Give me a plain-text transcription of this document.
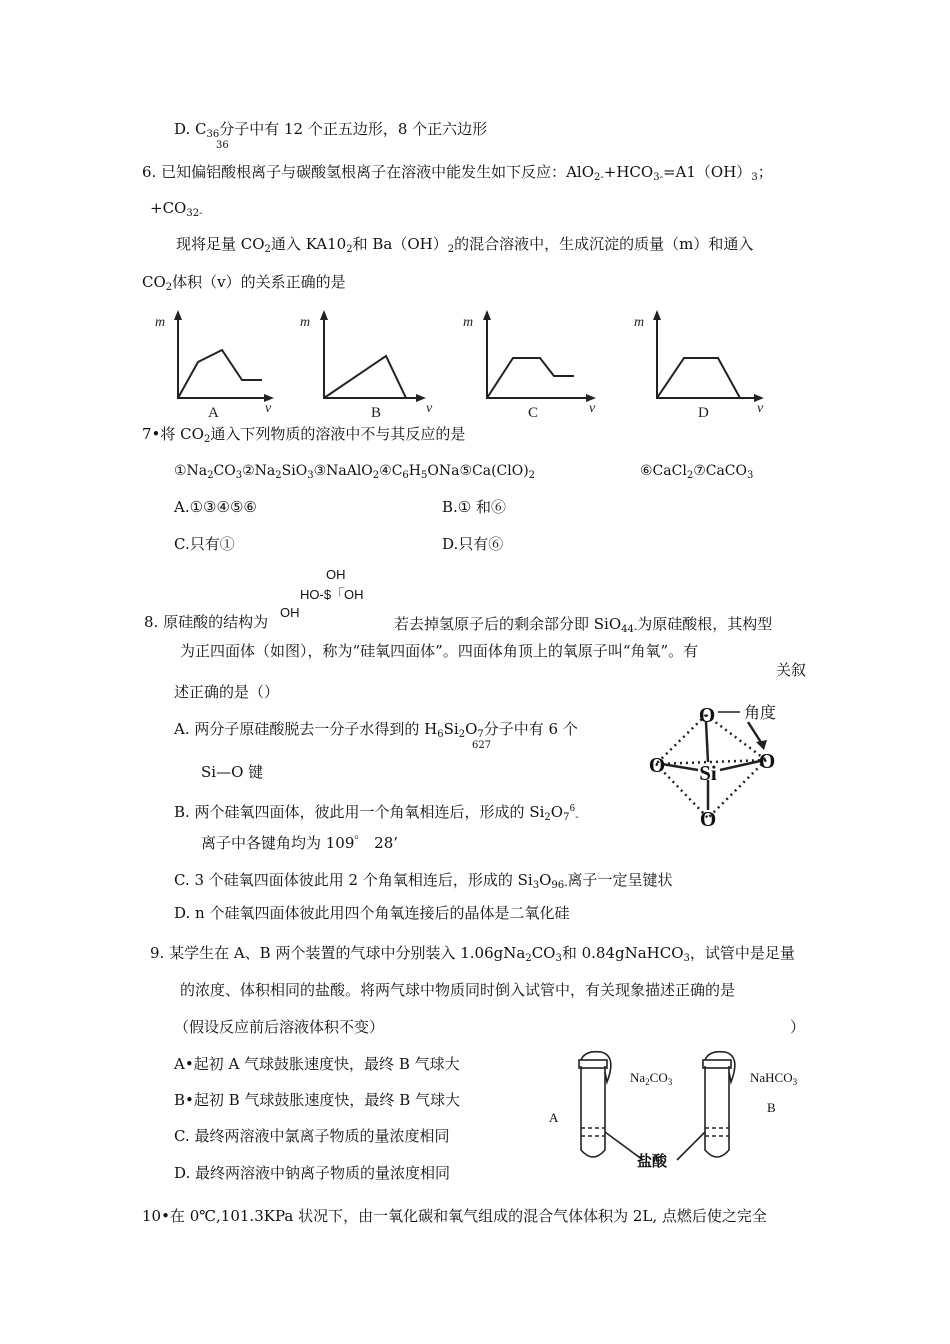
D. $C_{36}$分子中有 12 个正五边形，8 个正六边形
36
6. 已知偏铝酸根离子与碳酸氢根离子在溶液中能发生如下反应：$AlO_{2-}+HCO_{3-}=A1(OH)_3$；
$+CO_{32-}$
现将足量 $CO_2$通入 $KA10_2$和 $Ba(OH)_2$的混合溶液中，生成沉淀的质量（m）和通入
$CO_2$体积（v）的关系正确的是
m	m	m	m
v	v	v	v
A	B	C	D
7•将 $CO_2$通入下列物质的溶液中不与其反应的是
$①Na_2CO_3②Na_2SiO_3③NaAlO_2④C_6H_5ONa⑤Ca(ClO)_2$	⑥CaCl$_2$⑦CaCO$_3$
A.①③④⑤⑥	B.① 和⑥
C.只有①	D.只有⑥
OH
HO-$「OH
OH
8. 原硅酸的结构为	若去掉氢原子后的剩余部分即 SiO$_{44-}$为原硅酸根，其构型
为正四面体（如图），称为“硅氧四面体”。四面体角顶上的氧原子叫“角氧”。有
关叙
述正确的是（）
A. 两分子原硅酸脱去一分子水得到的 $H_6Si_2O_7$分子中有 6 个
627
Si—O 键
B. 两个硅氧四面体，彼此用一个角氧相连后，形成的 $Si_2O_7^6_-$
离子中各键角均为 109゜ 28’
C. 3 个硅氧四面体彼此用 2 个角氧相连后，形成的 $Si_3O_{96-}$离子一定呈键状
D. n 个硅氧四面体彼此用四个角氧连接后的晶体是二氧化硅
O
O	O
O
Si
角度
9. 某学生在 A、B 两个装置的气球中分别装入 $1.06gNa_2CO_3$和 0.84gNaHCO$_3$，试管中是足量
的浓度、体积相同的盐酸。将两气球中物质同时倒入试管中，有关现象描述正确的是
（假设反应前后溶液体积不变）	）
A•起初 A 气球鼓胀速度快，最终 B 气球大
B•起初 B 气球鼓胀速度快，最终 B 气球大
C. 最终两溶液中氯离子物质的量浓度相同
D. 最终两溶液中钠离子物质的量浓度相同
$Na_2CO_3$	NaHCO$_3$
A
B
盐酸
10•在 0℃,101.3KPa 状况下，由一氧化碳和氧气组成的混合气体体积为 2L, 点燃后使之完全
